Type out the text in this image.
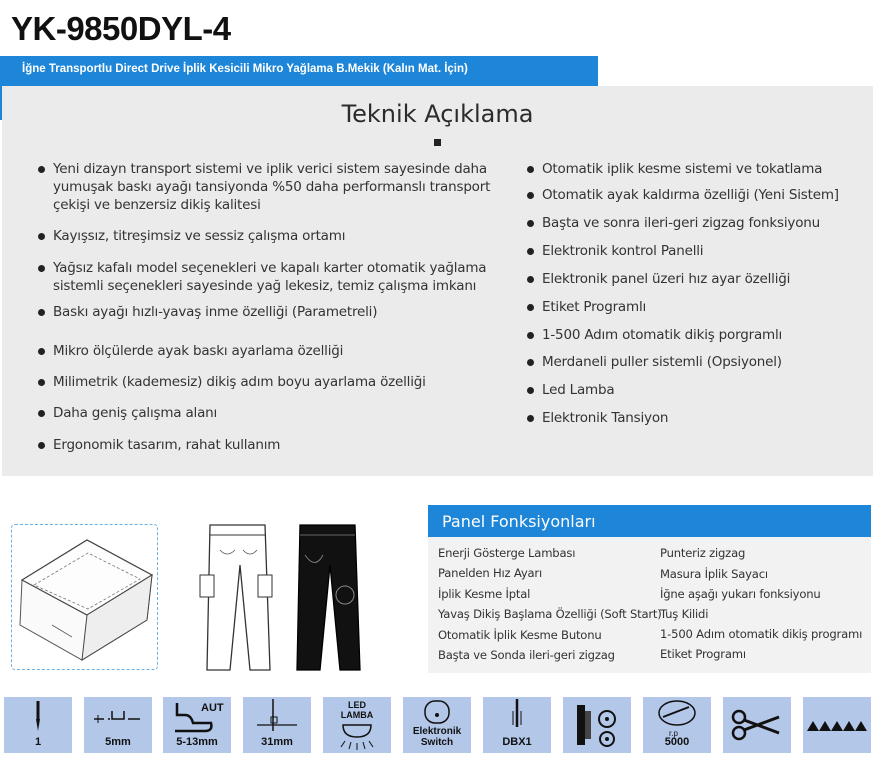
YK-9850DYL-4
İğne Transportlu Direct Drive İplik Kesicili Mikro Yağlama B.Mekik (Kalın Mat. İçin)
Teknik Açıklama
Yeni dizayn transport sistemi ve iplik verici sistem sayesinde daha yumuşak baskı ayağı tansiyonda %50 daha performanslı transport çekişi ve benzersiz dikiş kalitesi
Kayışsız, titreşimsiz ve sessiz çalışma ortamı
Yağsız kafalı model seçenekleri ve kapalı karter otomatik yağlama sistemli seçenekleri sayesinde yağ lekesiz, temiz çalışma imkanı
Baskı ayağı hızlı-yavaş inme özelliği (Parametreli)
Mikro ölçülerde ayak baskı ayarlama özelliği
Milimetrik (kademesiz) dikiş adım boyu ayarlama özelliği
Daha geniş çalışma alanı
Ergonomik tasarım, rahat kullanım
Otomatik iplik kesme sistemi ve tokatlama
Otomatik ayak kaldırma özelliği (Yeni Sistem]
Başta ve sonra ileri-geri zigzag fonksiyonu
Elektronik kontrol Panelli
Elektronik panel üzeri hız ayar özelliği
Etiket Programlı
1-500 Adım otomatik dikiş porgramlı
Merdaneli puller sistemli (Opsiyonel)
Led Lamba
Elektronik Tansiyon
Panel Fonksiyonları
Enerji Gösterge Lambası
Panelden Hız Ayarı
İplik Kesme İptal
Yavaş Dikiş Başlama Özelliği (Soft Start)
Otomatik İplik Kesme Butonu
Başta ve Sonda ileri-geri zigzag
Punteriz zigzag
Masura İplik Sayacı
İğne aşağı yukarı fonksiyonu
Tuş Kilidi
1-500 Adım otomatik dikiş programı
Etiket Programı
1	5mm
AUT
5-13mm	31mm
LED
LAMBA
Elektronik
Switch	DBX1
r.p
5000
